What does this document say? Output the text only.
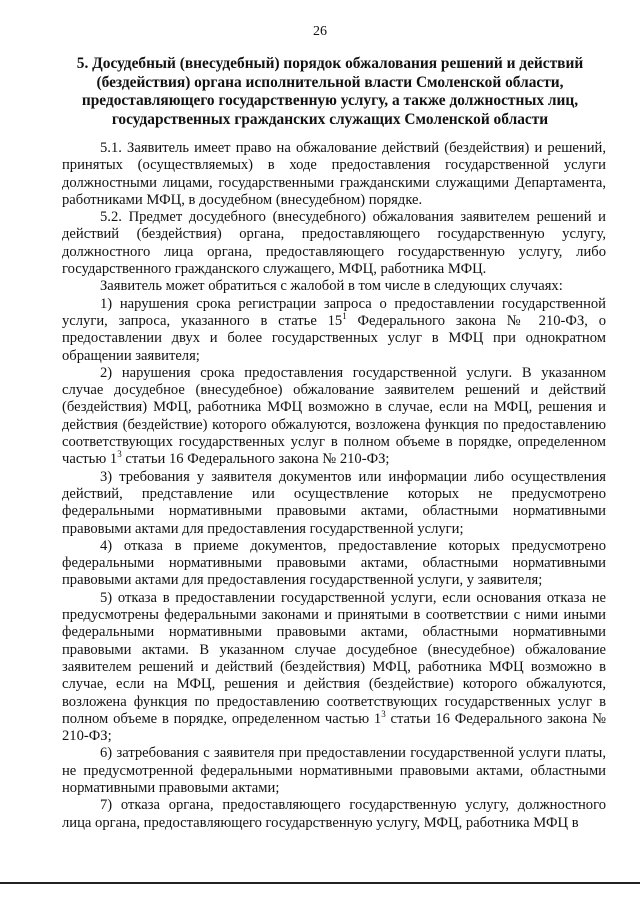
26
5. Досудебный (внесудебный) порядок обжалования решений и действий (бездействия) органа исполнительной власти Смоленской области, предоставляющего государственную услугу, а также должностных лиц, государственных гражданских служащих Смоленской области

5.1. Заявитель имеет право на обжалование действий (бездействия) и решений, принятых (осуществляемых) в ходе предоставления государственной услуги должностными лицами, государственными гражданскими служащими Департамента, работниками МФЦ, в досудебном (внесудебном) порядке.

5.2. Предмет досудебного (внесудебного) обжалования заявителем решений и действий (бездействия) органа, предоставляющего государственную услугу, должностного лица органа, предоставляющего государственную услугу, либо государственного гражданского служащего, МФЦ, работника МФЦ.

Заявитель может обратиться с жалобой в том числе в следующих случаях:

1) нарушения срока регистрации запроса о предоставлении государственной услуги, запроса, указанного в статье $15^1$ Федерального закона № 210-ФЗ, о предоставлении двух и более государственных услуг в МФЦ при однократном обращении заявителя;

2) нарушения срока предоставления государственной услуги. В указанном случае досудебное (внесудебное) обжалование заявителем решений и действий (бездействия) МФЦ, работника МФЦ возможно в случае, если на МФЦ, решения и действия (бездействие) которого обжалуются, возложена функция по предоставлению соответствующих государственных услуг в полном объеме в порядке, определенном частью $1^3$ статьи 16 Федерального закона № 210-ФЗ;

3) требования у заявителя документов или информации либо осуществления действий, представление или осуществление которых не предусмотрено федеральными нормативными правовыми актами, областными нормативными правовыми актами для предоставления государственной услуги;

4) отказа в приеме документов, предоставление которых предусмотрено федеральными нормативными правовыми актами, областными нормативными правовыми актами для предоставления государственной услуги, у заявителя;

5) отказа в предоставлении государственной услуги, если основания отказа не предусмотрены федеральными законами и принятыми в соответствии с ними иными федеральными нормативными правовыми актами, областными нормативными правовыми актами. В указанном случае досудебное (внесудебное) обжалование заявителем решений и действий (бездействия) МФЦ, работника МФЦ возможно в случае, если на МФЦ, решения и действия (бездействие) которого обжалуются, возложена функция по предоставлению соответствующих государственных услуг в полном объеме в порядке, определенном частью $1^3$ статьи 16 Федерального закона № 210-ФЗ;

6) затребования с заявителя при предоставлении государственной услуги платы, не предусмотренной федеральными нормативными правовыми актами, областными нормативными правовыми актами;

7) отказа органа, предоставляющего государственную услугу, должностного лица органа, предоставляющего государственную услугу, МФЦ, работника МФЦ в
